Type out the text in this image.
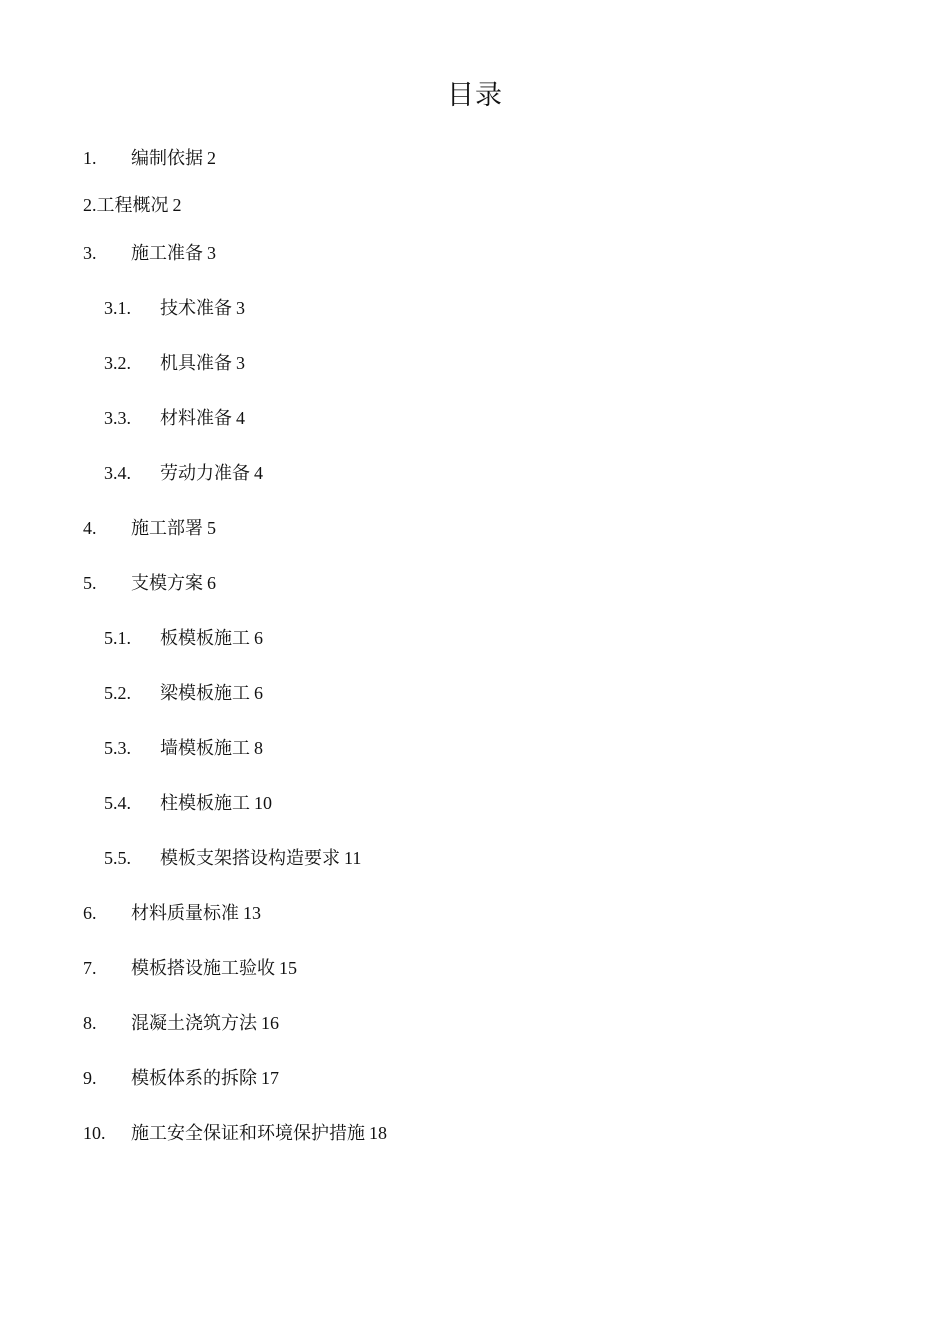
目录
1. 编制依据 2
2.工程概况 2
3. 施工准备 3
3.1. 技术准备 3
3.2. 机具准备 3
3.3. 材料准备 4
3.4. 劳动力准备 4
4. 施工部署 5
5. 支模方案 6
5.1. 板模板施工 6
5.2. 梁模板施工 6
5.3. 墙模板施工 8
5.4. 柱模板施工 10
5.5. 模板支架搭设构造要求 11
6. 材料质量标准 13
7. 模板搭设施工验收 15
8. 混凝土浇筑方法 16
9. 模板体系的拆除 17
10. 施工安全保证和环境保护措施 18
